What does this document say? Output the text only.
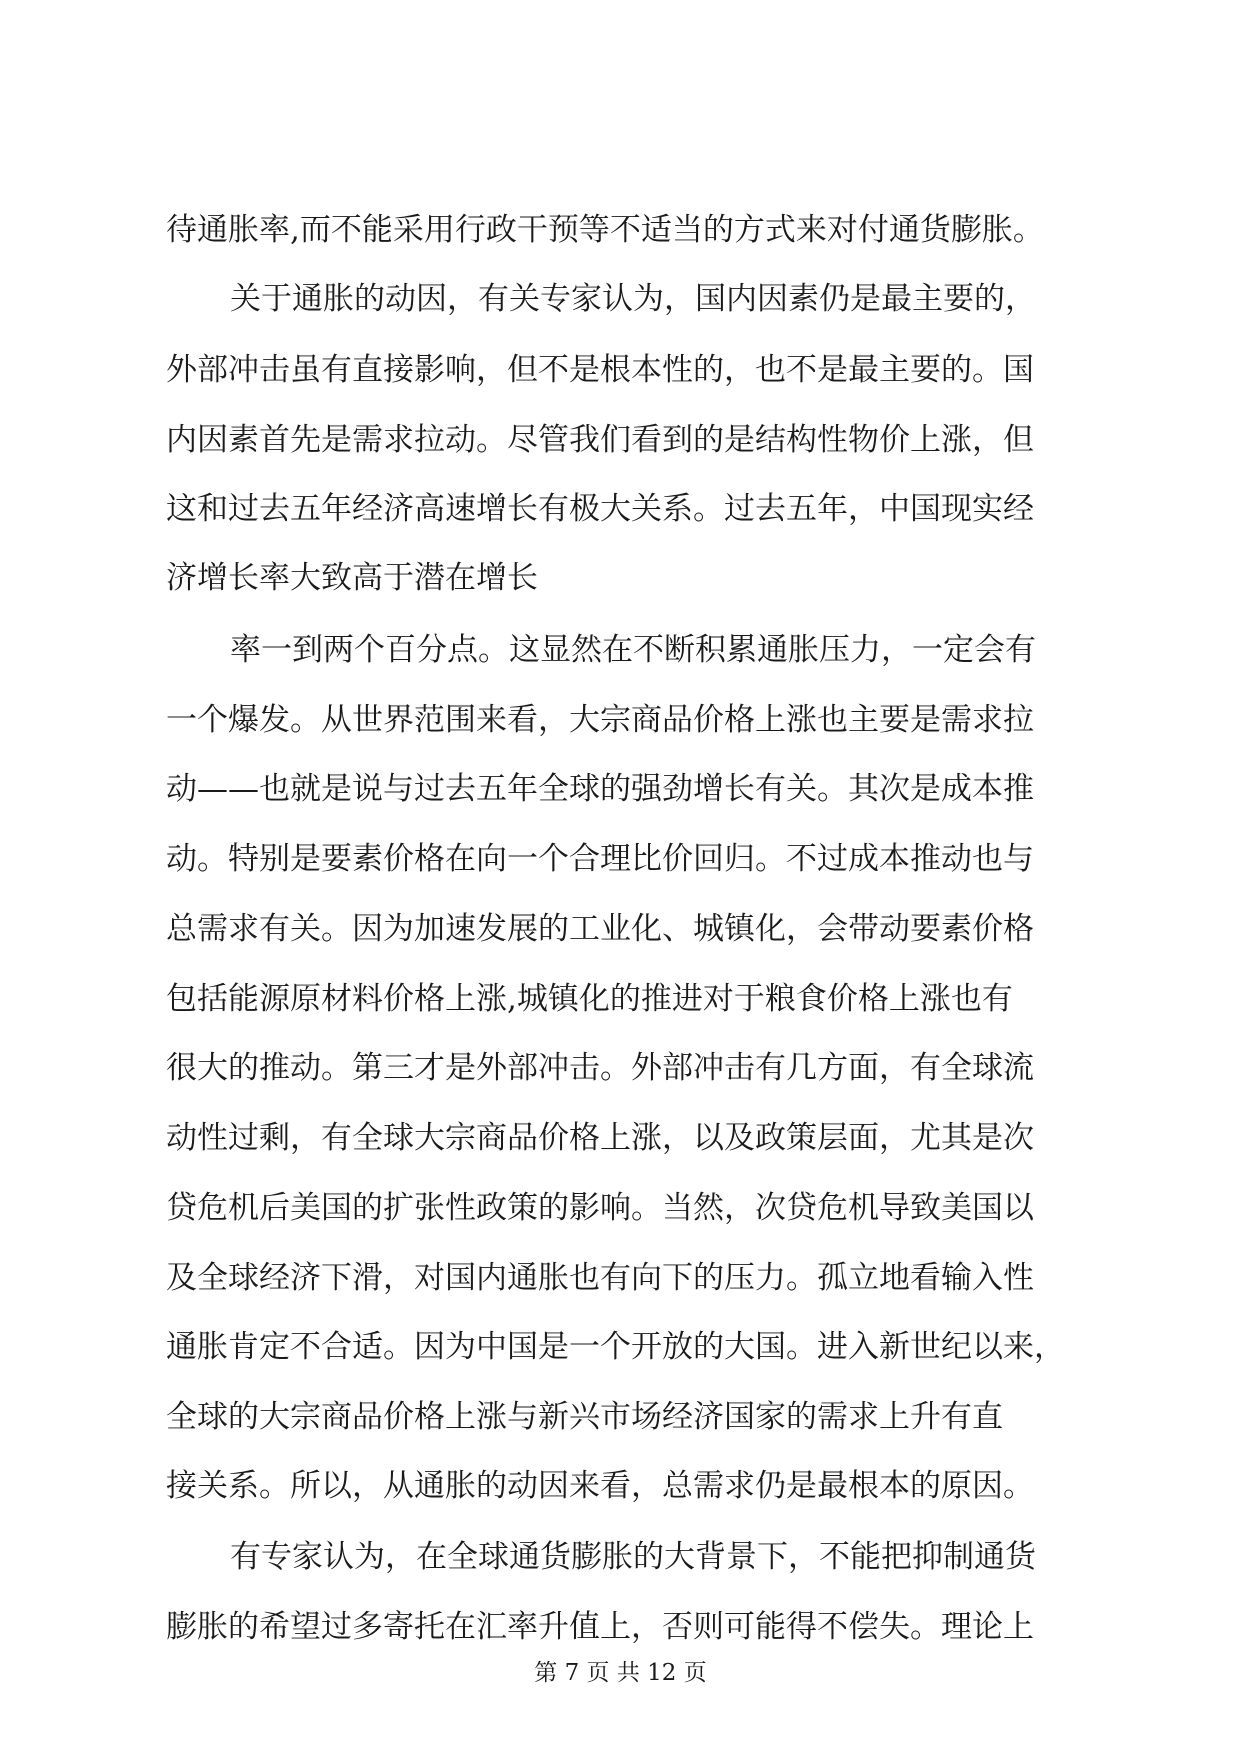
待通胀率,而不能采用行政干预等不适当的方式来对付通货膨胀。
关于通胀的动因，有关专家认为，国内因素仍是最主要的，
外部冲击虽有直接影响，但不是根本性的，也不是最主要的。国
内因素首先是需求拉动。尽管我们看到的是结构性物价上涨，但
这和过去五年经济高速增长有极大关系。过去五年，中国现实经
济增长率大致高于潜在增长
率一到两个百分点。这显然在不断积累通胀压力，一定会有
一个爆发。从世界范围来看，大宗商品价格上涨也主要是需求拉
动——也就是说与过去五年全球的强劲增长有关。其次是成本推
动。特别是要素价格在向一个合理比价回归。不过成本推动也与
总需求有关。因为加速发展的工业化、城镇化，会带动要素价格
包括能源原材料价格上涨,城镇化的推进对于粮食价格上涨也有
很大的推动。第三才是外部冲击。外部冲击有几方面，有全球流
动性过剩，有全球大宗商品价格上涨，以及政策层面，尤其是次
贷危机后美国的扩张性政策的影响。当然，次贷危机导致美国以
及全球经济下滑，对国内通胀也有向下的压力。孤立地看输入性
通胀肯定不合适。因为中国是一个开放的大国。进入新世纪以来，
全球的大宗商品价格上涨与新兴市场经济国家的需求上升有直
接关系。所以，从通胀的动因来看，总需求仍是最根本的原因。
有专家认为，在全球通货膨胀的大背景下，不能把抑制通货
膨胀的希望过多寄托在汇率升值上，否则可能得不偿失。理论上
第 7 页 共 12 页
